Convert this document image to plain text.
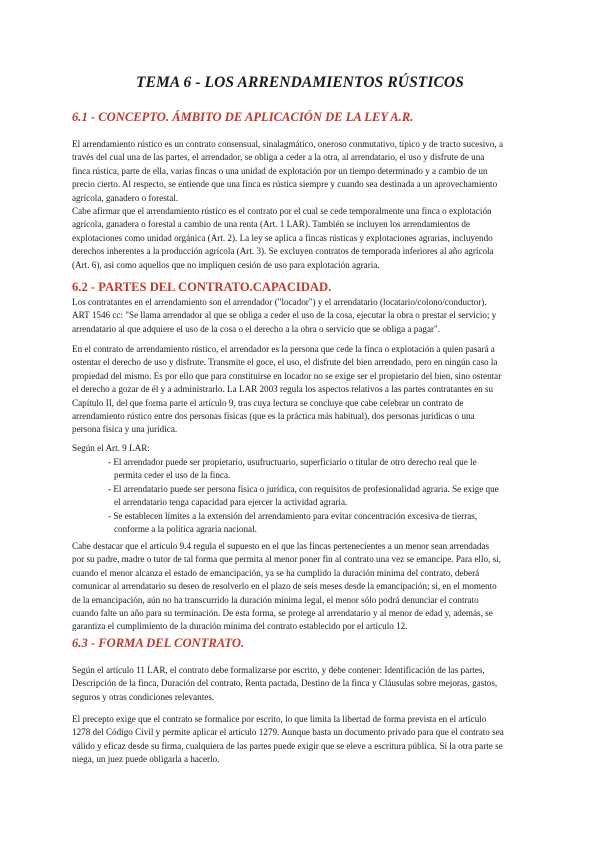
TEMA 6 - LOS ARRENDAMIENTOS RÚSTICOS
6.1 - CONCEPTO. ÁMBITO DE APLICACIÓN DE LA LEY A.R.
El arrendamiento rústico es un contrato consensual, sinalagmático, oneroso conmutativo, típico y de tracto sucesivo, a
través del cual una de las partes, el arrendador, se obliga a ceder a la otra, al arrendatario, el uso y disfrute de una
finca rústica, parte de ella, varias fincas o una unidad de explotación por un tiempo determinado y a cambio de un
precio cierto. Al respecto, se entiende que una finca es rústica siempre y cuando sea destinada a un aprovechamiento
agrícola, ganadero o forestal.
Cabe afirmar que el arrendamiento rústico es el contrato por el cual se cede temporalmente una finca o explotación
agrícola, ganadera o forestal a cambio de una renta (Art. 1 LAR). También se incluyen los arrendamientos de
explotaciones como unidad orgánica (Art. 2). La ley se aplica a fincas rústicas y explotaciones agrarias, incluyendo
derechos inherentes a la producción agrícola (Art. 3). Se excluyen contratos de temporada inferiores al año agrícola
(Art. 6), así como aquellos que no impliquen cesión de uso para explotación agraria.
6.2 - PARTES DEL CONTRATO.CAPACIDAD.
Los contratantes en el arrendamiento son el arrendador ("locador") y el arrendatario (locatario/colono/conductor).
ART 1546 cc: "Se llama arrendador al que se obliga a ceder el uso de la cosa, ejecutar la obra o prestar el servicio; y
arrendatario al que adquiere el uso de la cosa o el derecho a la obra o servicio que se obliga a pagar".
En el contrato de arrendamiento rústico, el arrendador es la persona que cede la finca o explotación a quien pasará a
ostentar el derecho de uso y disfrute. Transmite el goce, el uso, el disfrute del bien arrendado, pero en ningún caso la
propiedad del mismo. Es por ello que para constituirse en locador no se exige ser el propietario del bien, sino ostentar
el derecho a gozar de él y a administrarlo. La LAR 2003 regula los aspectos relativos a las partes contratantes en su
Capítulo II, del que forma parte el artículo 9, tras cuya lectura se concluye que cabe celebrar un contrato de
arrendamiento rústico entre dos personas físicas (que es la práctica más habitual), dos personas jurídicas o una
persona física y una jurídica.
Según el Art. 9 LAR:
- El arrendador puede ser propietario, usufructuario, superficiario o titular de otro derecho real que le
permita ceder el uso de la finca.
- El arrendatario puede ser persona física o jurídica, con requisitos de profesionalidad agraria. Se exige que
el arrendatario tenga capacidad para ejercer la actividad agraria.
- Se establecen límites a la extensión del arrendamiento para evitar concentración excesiva de tierras,
conforme a la política agraria nacional.
Cabe destacar que el artículo 9.4 regula el supuesto en el que las fincas pertenecientes a un menor sean arrendadas
por su padre, madre o tutor de tal forma que permita al menor poner fin al contrato una vez se emancipe. Para ello, si,
cuando el menor alcanza el estado de emancipación, ya se ha cumplido la duración mínima del contrato, deberá
comunicar al arrendatario su deseo de resolverlo en el plazo de seis meses desde la emancipación; si, en el momento
de la emancipación, aún no ha transcurrido la duración mínima legal, el menor sólo podrá denunciar el contrato
cuando falte un año para su terminación. De esta forma, se protege al arrendatario y al menor de edad y, además, se
garantiza el cumplimiento de la duración mínima del contrato establecido por el artículo 12.
6.3 - FORMA DEL CONTRATO.
Según el artículo 11 LAR, el contrato debe formalizarse por escrito, y debe contener: Identificación de las partes,
Descripción de la finca, Duración del contrato, Renta pactada, Destino de la finca y Cláusulas sobre mejoras, gastos,
seguros y otras condiciones relevantes.
El precepto exige que el contrato se formalice por escrito, lo que limita la libertad de forma prevista en el artículo
1278 del Código Civil y permite aplicar el artículo 1279. Aunque basta un documento privado para que el contrato sea
válido y eficaz desde su firma, cualquiera de las partes puede exigir que se eleve a escritura pública. Si la otra parte se
niega, un juez puede obligarla a hacerlo.
